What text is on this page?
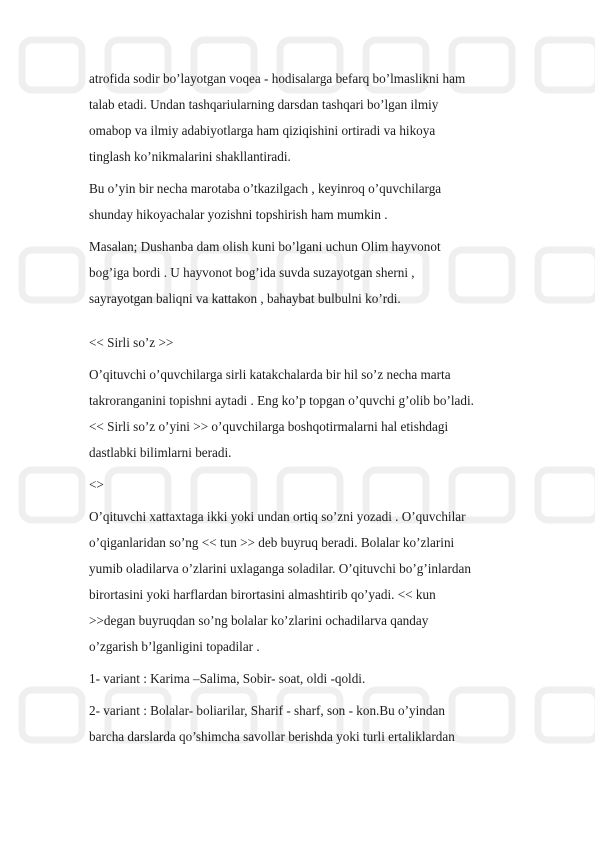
atrofida sodir bo’layotgan voqea - hodisalarga befarq bo’lmaslikni ham
talab etadi. Undan tashqariularning darsdan tashqari bo’lgan ilmiy
omabop va ilmiy adabiyotlarga ham qiziqishini ortiradi va hikoya
tinglash ko’nikmalarini shakllantiradi.

Bu o’yin bir necha marotaba o’tkazilgach , keyinroq o’quvchilarga
shunday hikoyachalar yozishni topshirish ham mumkin .

Masalan; Dushanba dam olish kuni bo’lgani uchun Olim hayvonot
bog’iga bordi . U hayvonot bog’ida suvda suzayotgan sherni ,
sayrayotgan baliqni va kattakon , bahaybat bulbulni ko’rdi.

<< Sirli so’z >>

O’qituvchi o’quvchilarga sirli katakchalarda bir hil so’z necha marta
takroranganini topishni aytadi . Eng ko’p topgan o’quvchi g’olib bo’ladi.
<< Sirli so’z o’yini >> o’quvchilarga boshqotirmalarni hal etishdagi
dastlabki bilimlarni beradi.

<>

O’qituvchi xattaxtaga ikki yoki undan ortiq so’zni yozadi . O’quvchilar
o’qiganlaridan so’ng << tun >> deb buyruq beradi. Bolalar ko’zlarini
yumib oladilarva o’zlarini uxlaganga soladilar. O’qituvchi bo’g’inlardan
birortasini yoki harflardan birortasini almashtirib qo’yadi. << kun
>>degan buyruqdan so’ng bolalar ko’zlarini ochadilarva qanday
o’zgarish b’lganligini topadilar .

1- variant : Karima –Salima, Sobir- soat, oldi -qoldi.

2- variant : Bolalar- boliarilar, Sharif - sharf, son - kon.Bu o’yindan
barcha darslarda qo’shimcha savollar berishda yoki turli ertaliklardan
